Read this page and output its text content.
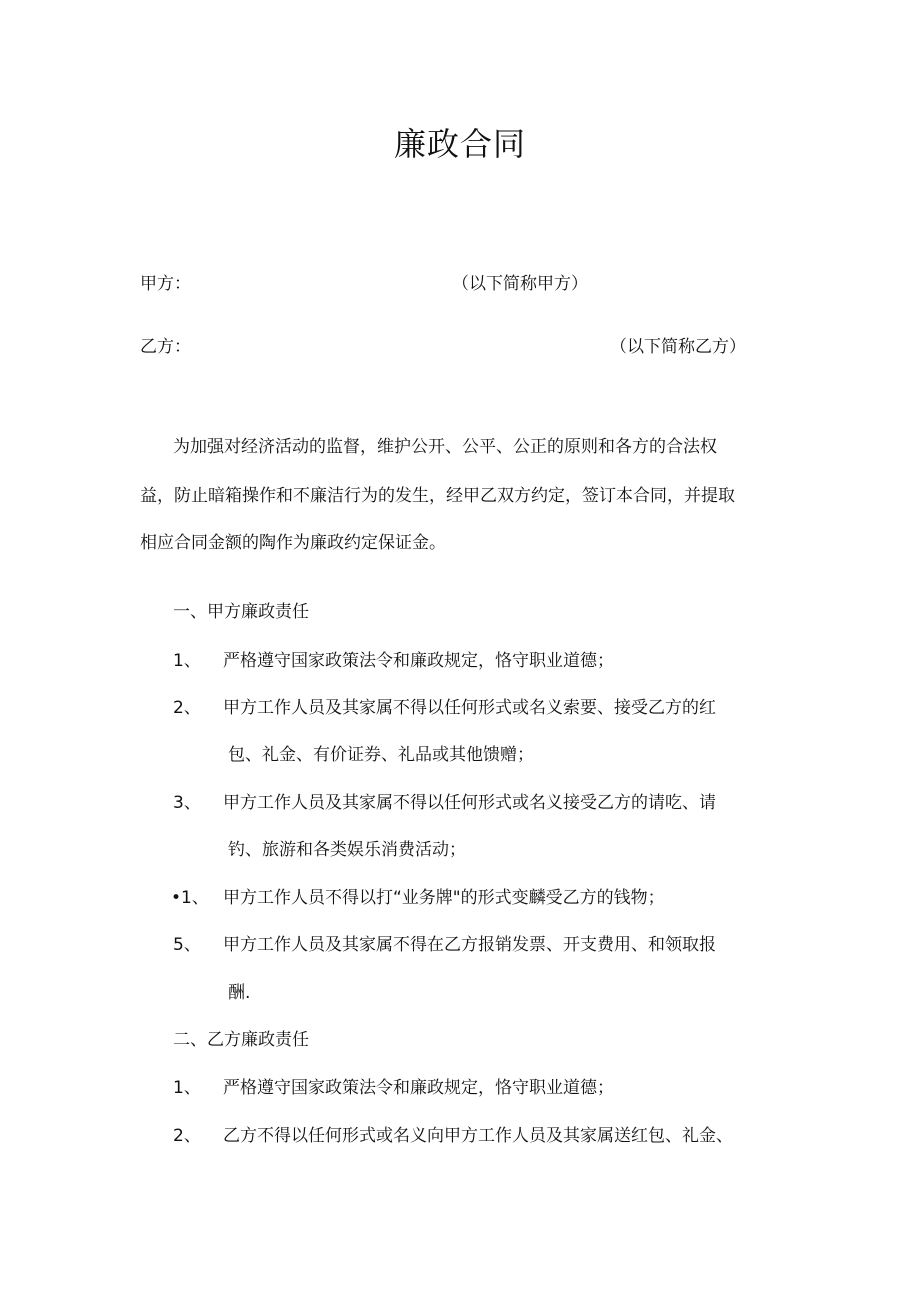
廉政合同
甲方：	（以下简称甲方）
乙方：	（以下简称乙方）
为加强对经济活动的监督，维护公开、公平、公正的原则和各方的合法权
益，防止暗箱操作和不廉洁行为的发生，经甲乙双方约定，签订本合同，并提取
相应合同金额的陶作为廉政约定保证金。
一、甲方廉政责任
1、 严格遵守国家政策法令和廉政规定，恪守职业道德；
2、 甲方工作人员及其家属不得以任何形式或名义索要、接受乙方的红
包、礼金、有价证券、礼品或其他馈赠；
3、 甲方工作人员及其家属不得以任何形式或名义接受乙方的请吃、请
钓、旅游和各类娱乐消费活动；
•1、 甲方工作人员不得以打“业务牌"的形式变麟受乙方的钱物；
5、 甲方工作人员及其家属不得在乙方报销发票、开支费用、和领取报
酬.
二、乙方廉政责任
1、 严格遵守国家政策法令和廉政规定，恪守职业道德；
2、 乙方不得以任何形式或名义向甲方工作人员及其家属送红包、礼金、
